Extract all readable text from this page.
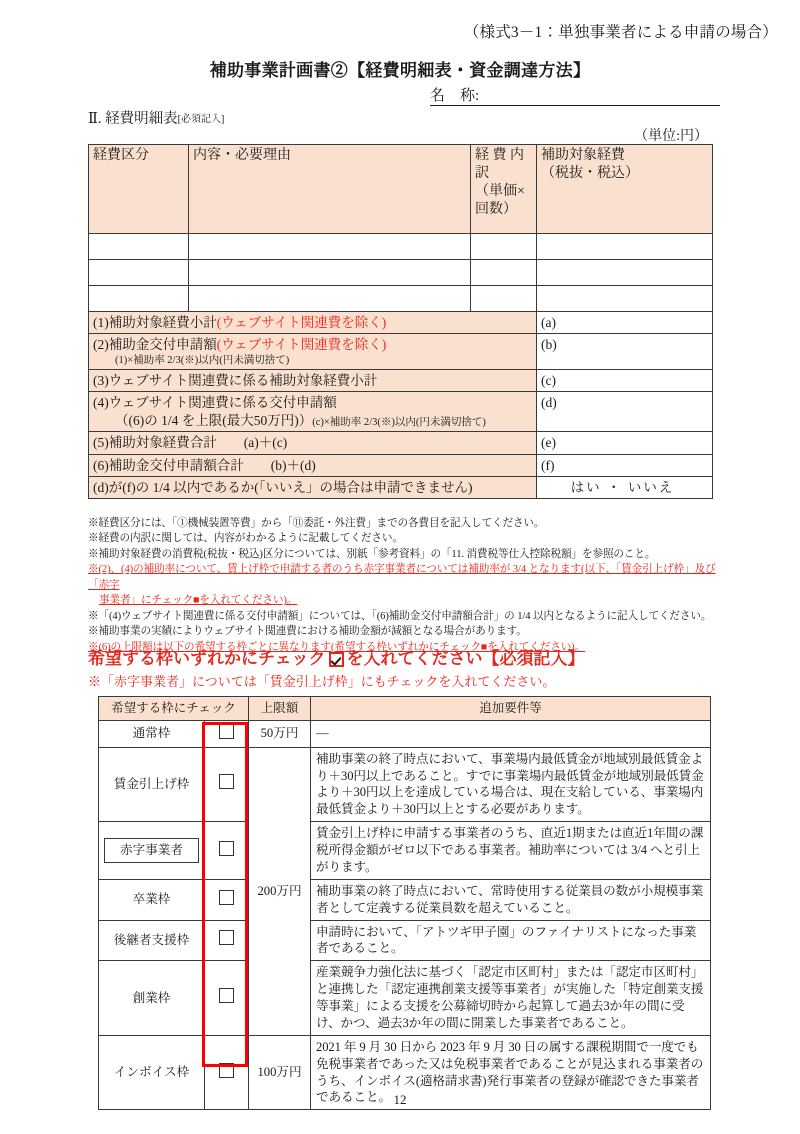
（様式3－1：単独事業者による申請の場合）
補助事業計画書②【経費明細表・資金調達方法】
名　称:
Ⅱ. 経費明細表[必須記入]
（単位:円）
経費区分	内容・必要理由	経 費 内
訳
（単価×
回数）	補助対象経費
（税抜・税込）

(1)補助対象経費小計(ウェブサイト関連費を除く)			(a)
(2)補助金交付申請額(ウェブサイト関連費を除く)
(1)×補助率 2/3(※)以内(円未満切捨て)			(b)
(3)ウェブサイト関連費に係る補助対象経費小計			(c)
(4)ウェブサイト関連費に係る交付申請額
（(6)の 1/4 を上限(最大50万円)）(c)×補助率 2/3(※)以内(円未満切捨て)			(d)
(5)補助対象経費合計　　(a)＋(c)			(e)
(6)補助金交付申請額合計　　(b)＋(d)			(f)
(d)が(f)の 1/4 以内であるか(「いいえ」の場合は申請できません)			はい ・ いいえ

※経費区分には、「①機械装置等費」から「⑪委託・外注費」までの各費目を記入してください。

※経費の内訳に関しては、内容がわかるように記載してください。

※補助対象経費の消費税(税抜・税込)区分については、別紙「参考資料」の「11. 消費税等仕入控除税額」を参照のこと。

※(2)、(4)の補助率について、賃上げ枠で申請する者のうち赤字事業者については補助率が 3/4 となります(以下、「賃金引上げ枠」及び「赤字
事業者」にチェック■を入れてください)。

※「(4)ウェブサイト関連費に係る交付申請額」については、「(6)補助金交付申請額合計」の 1/4 以内となるように記入してください。

※補助事業の実績によりウェブサイト関連費における補助金額が減額となる場合があります。

※(6)の上限額は以下の希望する枠ごとに異なります(希望する枠いずれかにチェック■を入れてください)。

希望する枠いずれかにチェック を入れてください【必須記入】
※「赤字事業者」については「賃金引上げ枠」にもチェックを入れてください。
希望する枠にチェック		上限額	追加要件等
通常枠		50万円	—
賃金引上げ枠		200万円	補助事業の終了時点において、事業場内最低賃金が地域別最低賃金より＋30円以上であること。すでに事業場内最低賃金が地域別最低賃金より＋30円以上を達成している場合は、現在支給している、事業場内最低賃金より＋30円以上とする必要があります。

赤字事業者			賃金引上げ枠に申請する事業者のうち、直近1期または直近1年間の課税所得金額がゼロ以下である事業者。補助率については 3/4 へと引上がります。
卒業枠			補助事業の終了時点において、常時使用する従業員の数が小規模事業者として定義する従業員数を超えていること。
後継者支援枠			申請時において、「アトツギ甲子園」のファイナリストになった事業者であること。
創業枠			産業競争力強化法に基づく「認定市区町村」または「認定市区町村」と連携した「認定連携創業支援等事業者」が実施した「特定創業支援等事業」による支援を公募締切時から起算して過去3か年の間に受け、かつ、過去3か年の間に開業した事業者であること。
インボイス枠		100万円	2021 年 9 月 30 日から 2023 年 9 月 30 日の属する課税期間で一度でも免税事業者であった又は免税事業者であることが見込まれる事業者のうち、インボイス(適格請求書)発行事業者の登録が確認できた事業者であること。 12
